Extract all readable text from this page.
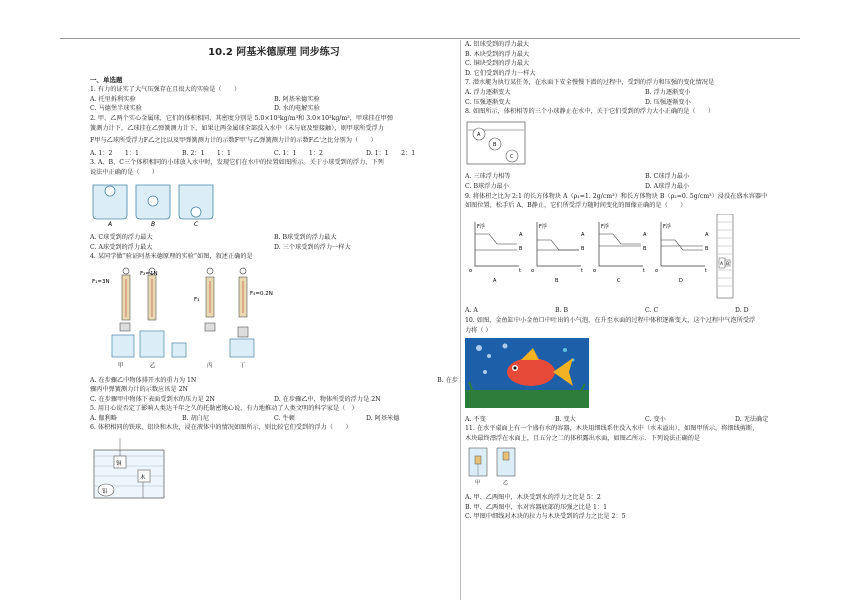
10.2 阿基米德原理 同步练习
一、单选题

1. 有力的证实了大气压强存在且很大的实验是（　　）

A. 托里拆利实验	B. 阿基米德实验
C. 马德堡半球实验	D. 水的电解实验

2. 甲、乙两个实心金属球，它们的体积相同，其密度分别是 5.0×10³kg/m³和 3.0×10³kg/m³，甲球挂在甲弹

簧测力计下，乙球挂在乙弹簧测力计下，如果让两金属球全部没入水中（未与底及壁接触），则甲球所受浮力

F甲与乙球所受浮力F乙之比以及甲弹簧测力计的示数F甲'与乙弹簧测力计的示数F乙'之比分别为（　　）

A. 1：2　　1：1	B. 2：1　　1：1	C. 1：1　　1：2	D. 1：1　　2：1

3. A、B、C三个体积相同的小球放入水中时，发现它们在水中的位置如图所示。关于小球受到的浮力，下列

说法中正确的是（　　）

A	B	C
A. C球受到的浮力最大	B. B球受到的浮力最大
C. A球受到的浮力最大	D. 三个球受到的浮力一样大

4. 某同学做“验证阿基米德原理的实验”如图，叙述正确的是

F₁=3N
F₂=1N
F₃
F₄=0.2N
甲	乙	丙	丁
A. 在步骤乙中物体排开水的重力为 1N	B. 在步

骤丙中弹簧测力计的示数应该是 2N

C. 在步骤甲中物体下表面受到水的压力是 2N	D. 在步骤乙中，物体所受的浮力是 2N

5. 用日心说否定了影响人类达千年之久的托勒密地心说，有力地推动了人类文明的科学家是（　）

A. 伽利略	B. 胡白尼	C. 牛顿	D. 阿基米德

6. 体积相同的铁球、铝块和木块，浸在液体中的情况如图所示，则比较它们受到的浮力（　　）

铜
木
铝

A. 铝球受到的浮力最大

B. 木块受到的浮力最大

C. 铜块受到的浮力最大

D. 它们受到的浮力一样大

7. 潜水艇为执行某任务，在水面下安全慢慢下潜的过程中，受到的浮力和压强的变化情况是

A. 浮力逐渐变大	B. 浮力逐渐变小
C. 压强逐渐变大	D. 压强逐渐变小

8. 如图所示，体积相等的三个小球静止在水中，关于它们受到的浮力大小正确的是（　　）

A
B
C
A. 三球浮力相等	B. C球浮力最小
C. B球浮力最小	D. A球浮力最小

9. 将体积之比为 2:1 的长方体物块 A（ρ₁=1. 2g/cm³）和长方体物块 B（ρ₂=0. 5g/cm³）浸没在盛水容器中

如图位置，松手后 A、B静止，它们所受浮力随时间变化的图像正确的是（　　）

F浮
t
o
A
B
A
F浮
t
o
A
B
B
F浮
t
o
A
B
C
F浮
t
o
A
B
D
A B
A. A	B. B	C. C	D. D

10. 如图，金鱼缸中小金鱼口中吐出的小气泡，在升至水面的过程中体积逐渐变大，这个过程中气泡所受浮

力将（ ）

A. 不变	B. 变大	C. 变小	D. 无法确定

11. 在水平桌面上有一个盛有水的容器，木块用细线系住没入水中（水未溢出），如图甲所示，将细线剪断，

木块最终漂浮在水面上，且五分之二的体积露出水面，如图乙所示．下列说法正确的是

甲	乙

A. 甲、乙两图中，木块受到水的浮力之比是 5：2

B. 甲、乙两图中，水对容器底部的压强之比是 1：1

C. 甲图中细线对木块的拉力与木块受到的浮力之比是 2：5
